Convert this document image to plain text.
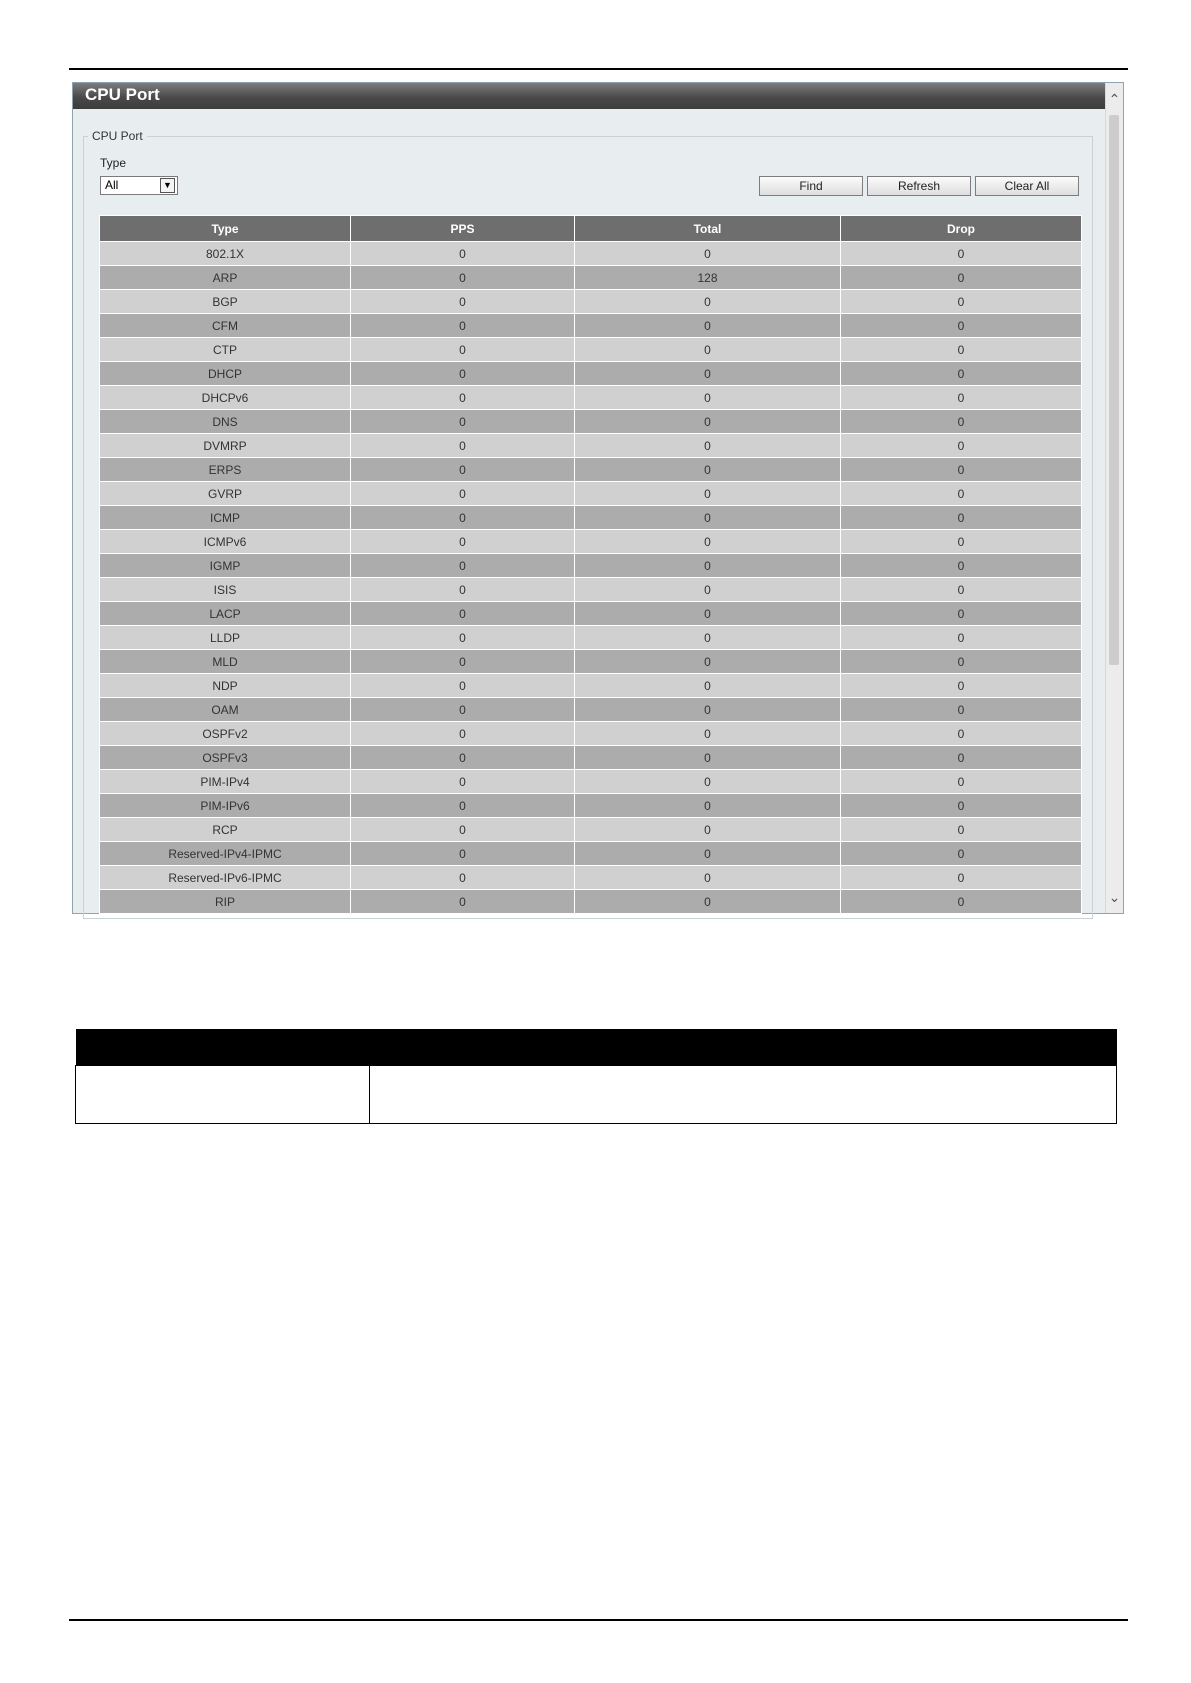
CPU Port	⌃
⌄
CPU Port
Type
All	▼	Find	Refresh	Clear All
Type	PPS	Total	Drop
802.1X	0	0	0
ARP	0	128	0
BGP	0	0	0
CFM	0	0	0
CTP	0	0	0
DHCP	0	0	0
DHCPv6	0	0	0
DNS	0	0	0
DVMRP	0	0	0
ERPS	0	0	0
GVRP	0	0	0
ICMP	0	0	0
ICMPv6	0	0	0
IGMP	0	0	0
ISIS	0	0	0
LACP	0	0	0
LLDP	0	0	0
MLD	0	0	0
NDP	0	0	0
OAM	0	0	0
OSPFv2	0	0	0
OSPFv3	0	0	0
PIM-IPv4	0	0	0
PIM-IPv6	0	0	0
RCP	0	0	0
Reserved-IPv4-IPMC	0	0	0
Reserved-IPv6-IPMC	0	0	0
RIP	0	0	0
